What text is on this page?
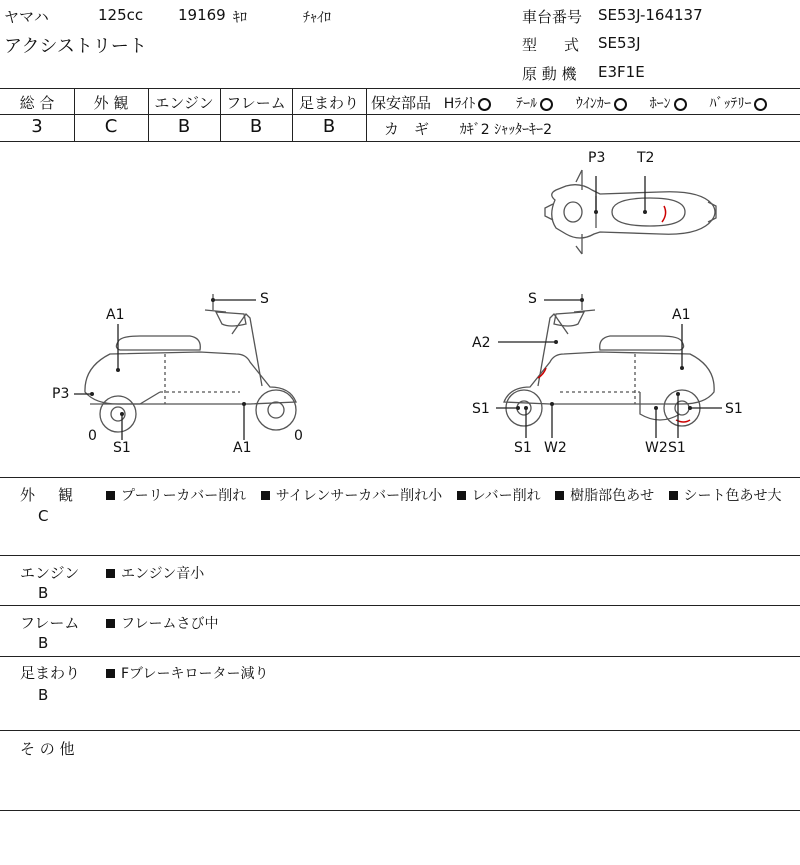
ヤマハ	125cc 19169 ｷﾛ	ﾁｬｲﾛ
アクシストリート
車台番号 SE53J-164137
型　式 SE53J
原 動 機 E3F1E
総 合	外 観	エンジン フレーム 足まわり
3	C	B	B	B
保安部品 Hﾗｲﾄ	ﾃｰﾙ	ｳｲﾝｶｰ	ﾎｰﾝ	ﾊﾞｯﾃﾘｰ
カ　ギ ｶｷﾞ2 ｼｬｯﾀｰｷｰ2
P3 T2
A1
S
P3
0
S1	A1
0
S
A1
A2
S1	S1
S1 W2	W2 S1
外　観
C
プーリーカバー削れ サイレンサーカバー削れ小 レバー削れ 樹脂部色あせ シート色あせ大
エンジン
B
エンジン音小
フレーム
B
フレームさび中
足まわり
B
Fブレーキローター減り
そ の 他
